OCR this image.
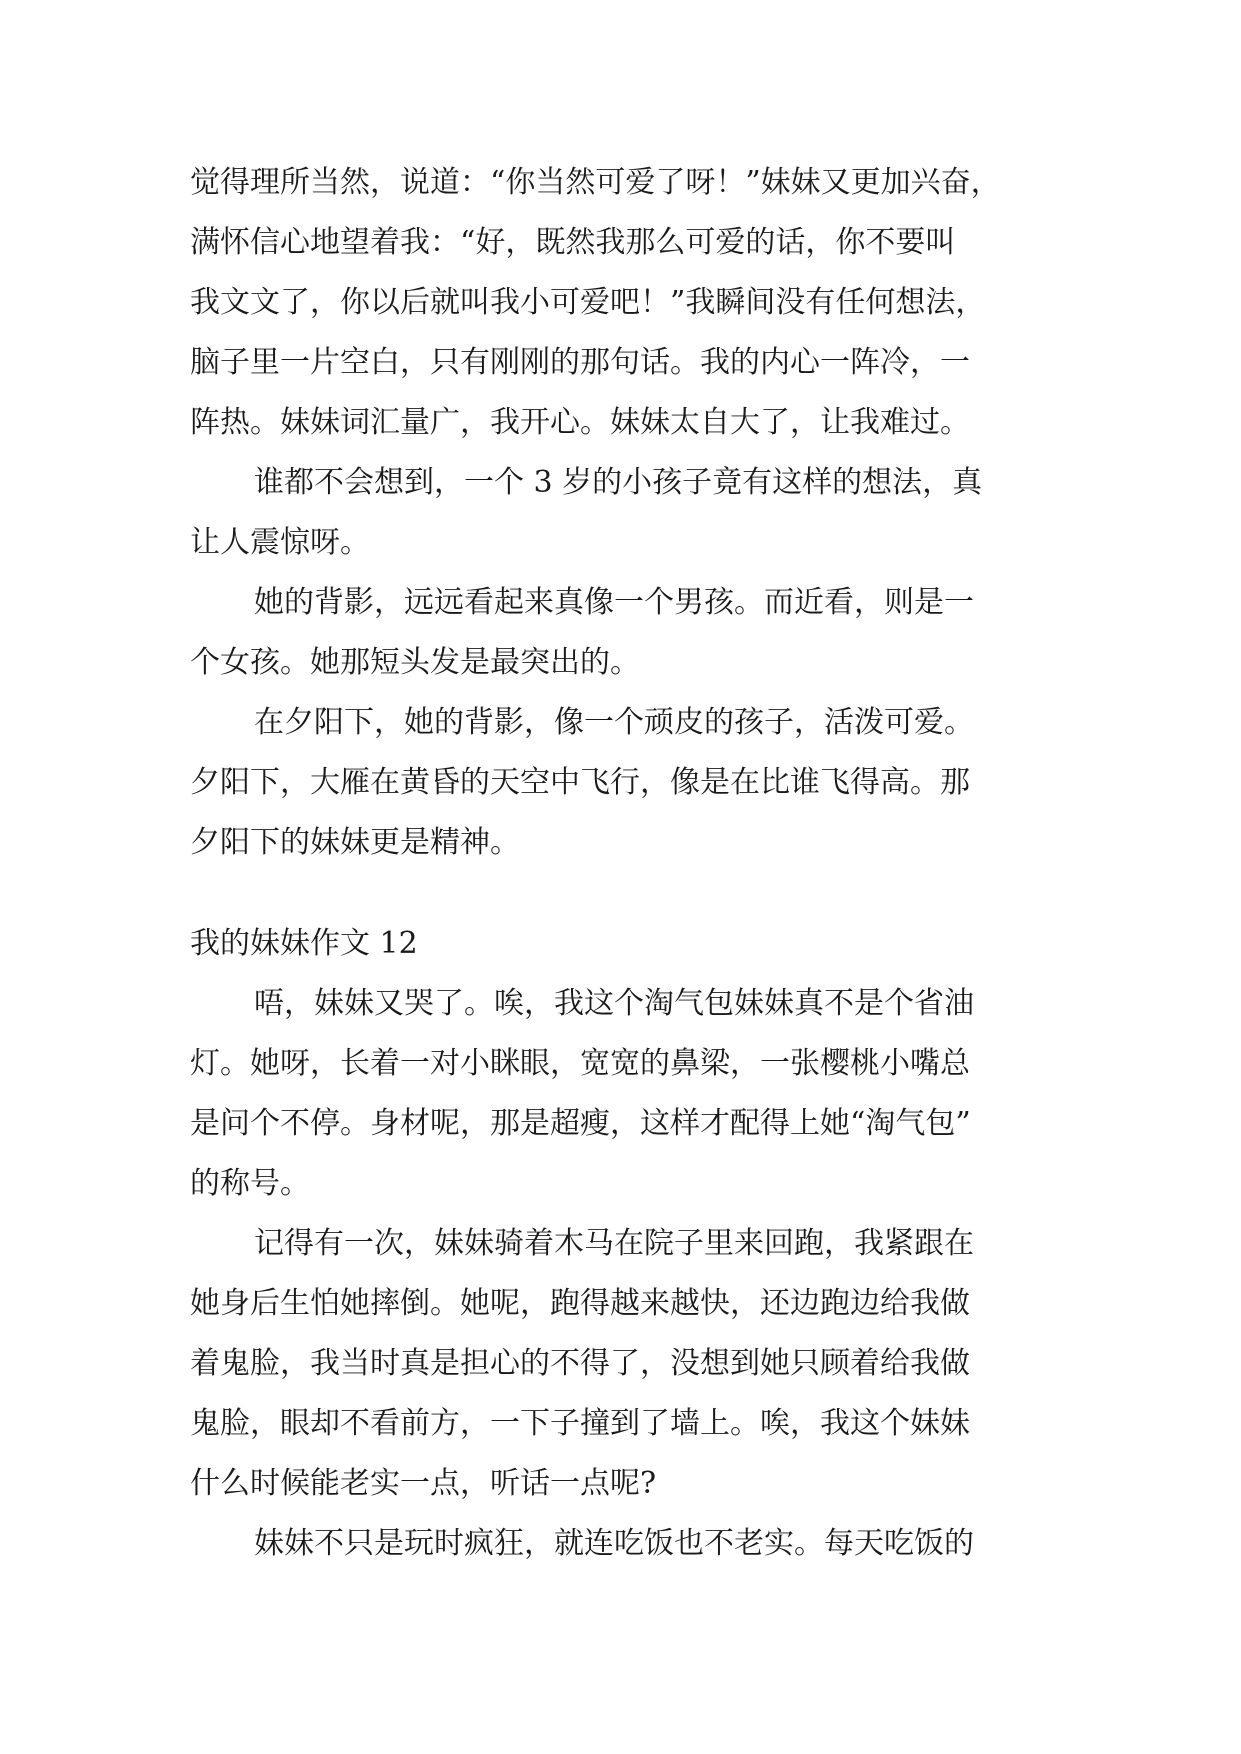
觉得理所当然，说道：“你当然可爱了呀！”妹妹又更加兴奋，
满怀信心地望着我：“好，既然我那么可爱的话，你不要叫
我文文了，你以后就叫我小可爱吧！”我瞬间没有任何想法，
脑子里一片空白，只有刚刚的那句话。我的内心一阵冷，一
阵热。妹妹词汇量广，我开心。妹妹太自大了，让我难过。
谁都不会想到，一个 3 岁的小孩子竟有这样的想法，真
让人震惊呀。
她的背影，远远看起来真像一个男孩。而近看，则是一
个女孩。她那短头发是最突出的。
在夕阳下，她的背影，像一个顽皮的孩子，活泼可爱。
夕阳下，大雁在黄昏的天空中飞行，像是在比谁飞得高。那
夕阳下的妹妹更是精神。
我的妹妹作文 12
唔，妹妹又哭了。唉，我这个淘气包妹妹真不是个省油
灯。她呀，长着一对小眯眼，宽宽的鼻梁，一张樱桃小嘴总
是问个不停。身材呢，那是超瘦，这样才配得上她“淘气包”
的称号。
记得有一次，妹妹骑着木马在院子里来回跑，我紧跟在
她身后生怕她摔倒。她呢，跑得越来越快，还边跑边给我做
着鬼脸，我当时真是担心的不得了，没想到她只顾着给我做
鬼脸，眼却不看前方，一下子撞到了墙上。唉，我这个妹妹
什么时候能老实一点，听话一点呢?
妹妹不只是玩时疯狂，就连吃饭也不老实。每天吃饭的
